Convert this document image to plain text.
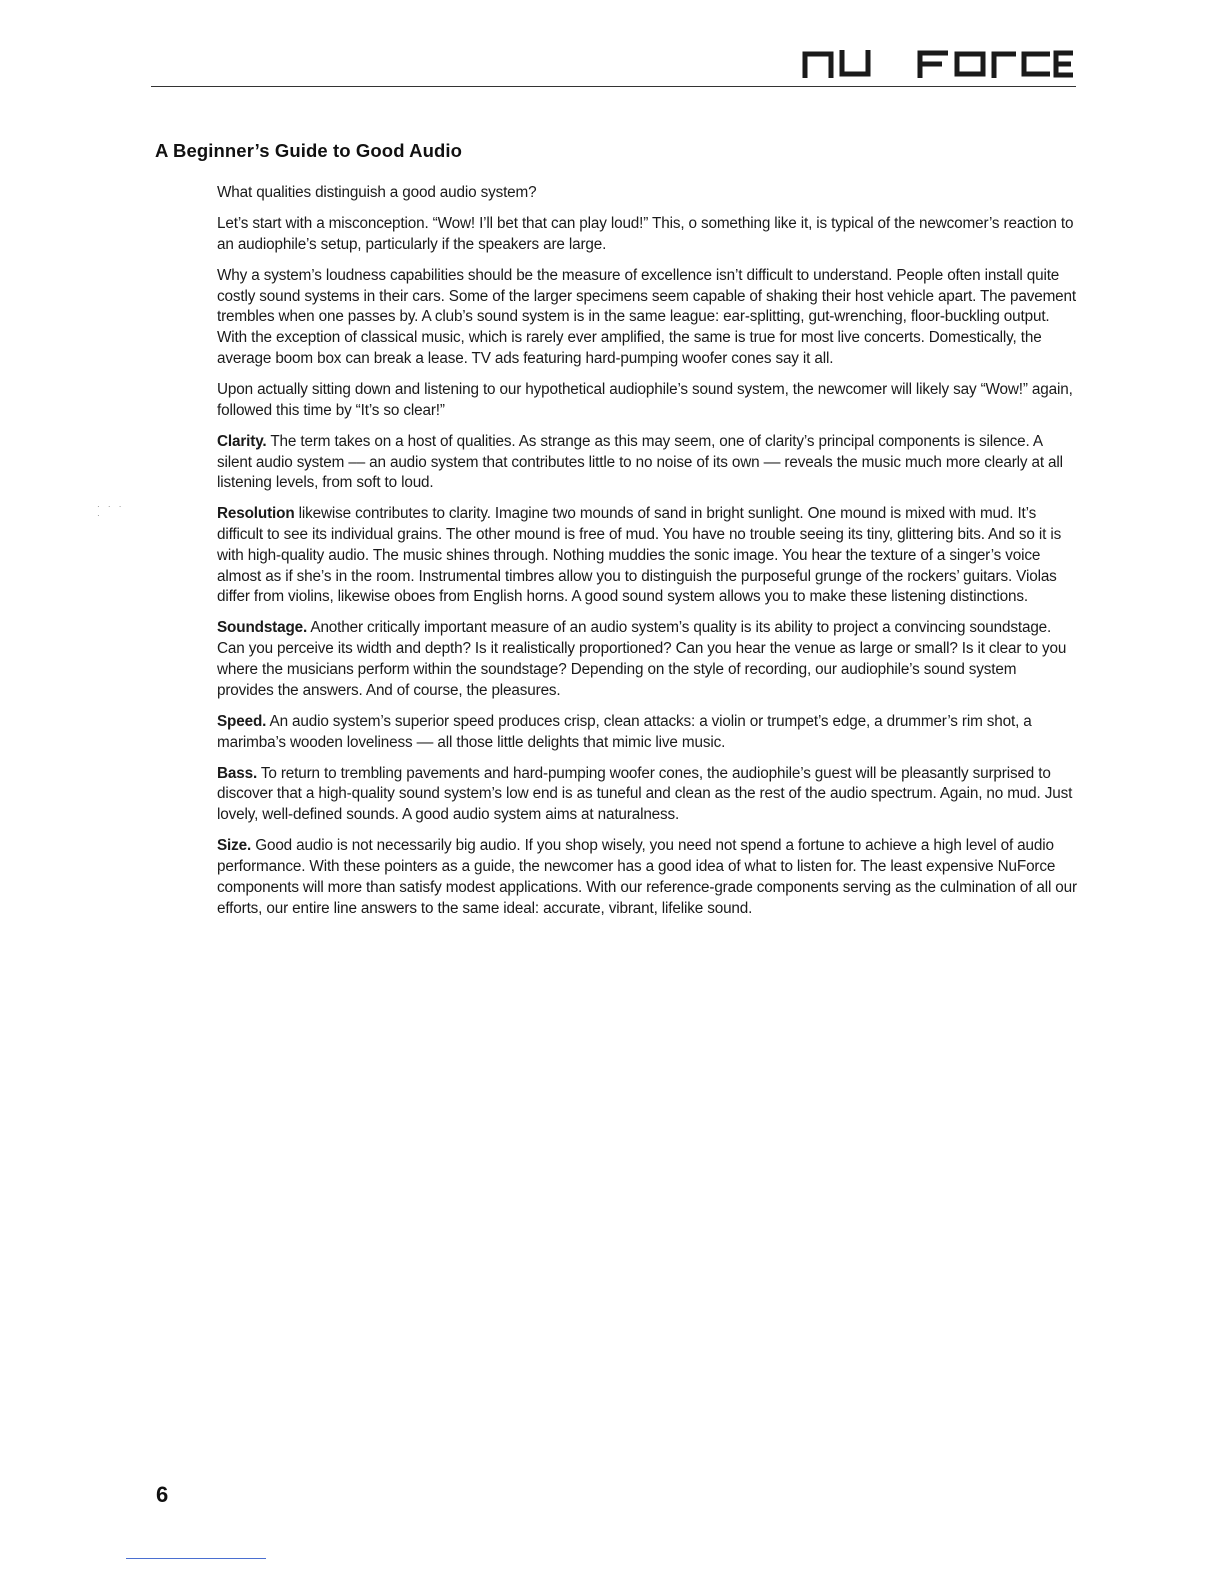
A Beginner’s Guide to Good Audio
· · · ·

What qualities distinguish a good audio system?

Let’s start with a misconception. “Wow! I’ll bet that can play loud!” This, o something like it, is typical of the newcomer’s reaction to an audiophile’s setup, particularly if the speakers are large.

Why a system’s loudness capabilities should be the measure of excellence isn’t difficult to understand. People often install quite costly sound systems in their cars. Some of the larger specimens seem capable of shaking their host vehicle apart. The pavement trembles when one passes by. A club’s sound system is in the same league: ear-splitting, gut-wrenching, floor-buckling output. With the exception of classical music, which is rarely ever amplified, the same is true for most live concerts. Domestically, the average boom box can break a lease. TV ads featuring hard-pumping woofer cones say it all.

Upon actually sitting down and listening to our hypothetical audiophile’s sound system, the newcomer will likely say “Wow!” again, followed this time by “It’s so clear!”

Clarity. The term takes on a host of qualities. As strange as this may seem, one of clarity’s principal components is silence. A silent audio system –– an audio system that contributes little to no noise of its own –– reveals the music much more clearly at all listening levels, from soft to loud.

Resolution likewise contributes to clarity. Imagine two mounds of sand in bright sunlight. One mound is mixed with mud. It’s difficult to see its individual grains. The other mound is free of mud. You have no trouble seeing its tiny, glittering bits. And so it is with high-quality audio. The music shines through. Nothing muddies the sonic image. You hear the texture of a singer’s voice almost as if she’s in the room. Instrumental timbres allow you to distinguish the purposeful grunge of the rockers’ guitars. Violas differ from violins, likewise oboes from English horns. A good sound system allows you to make these listening distinctions.

Soundstage. Another critically important measure of an audio system’s quality is its ability to project a convincing soundstage. Can you perceive its width and depth? Is it realistically proportioned? Can you hear the venue as large or small? Is it clear to you where the musicians perform within the soundstage? Depending on the style of recording, our audiophile’s sound system provides the answers. And of course, the pleasures.

Speed. An audio system’s superior speed produces crisp, clean attacks: a violin or trumpet’s edge, a drummer’s rim shot, a marimba’s wooden loveliness –– all those little delights that mimic live music.

Bass. To return to trembling pavements and hard-pumping woofer cones, the audiophile’s guest will be pleasantly surprised to discover that a high-quality sound system’s low end is as tuneful and clean as the rest of the audio spectrum. Again, no mud. Just lovely, well-defined sounds. A good audio system aims at naturalness.

Size. Good audio is not necessarily big audio. If you shop wisely, you need not spend a fortune to achieve a high level of audio performance. With these pointers as a guide, the newcomer has a good idea of what to listen for. The least expensive NuForce components will more than satisfy modest applications. With our reference-grade components serving as the culmination of all our efforts, our entire line answers to the same ideal: accurate, vibrant, lifelike sound.

6
